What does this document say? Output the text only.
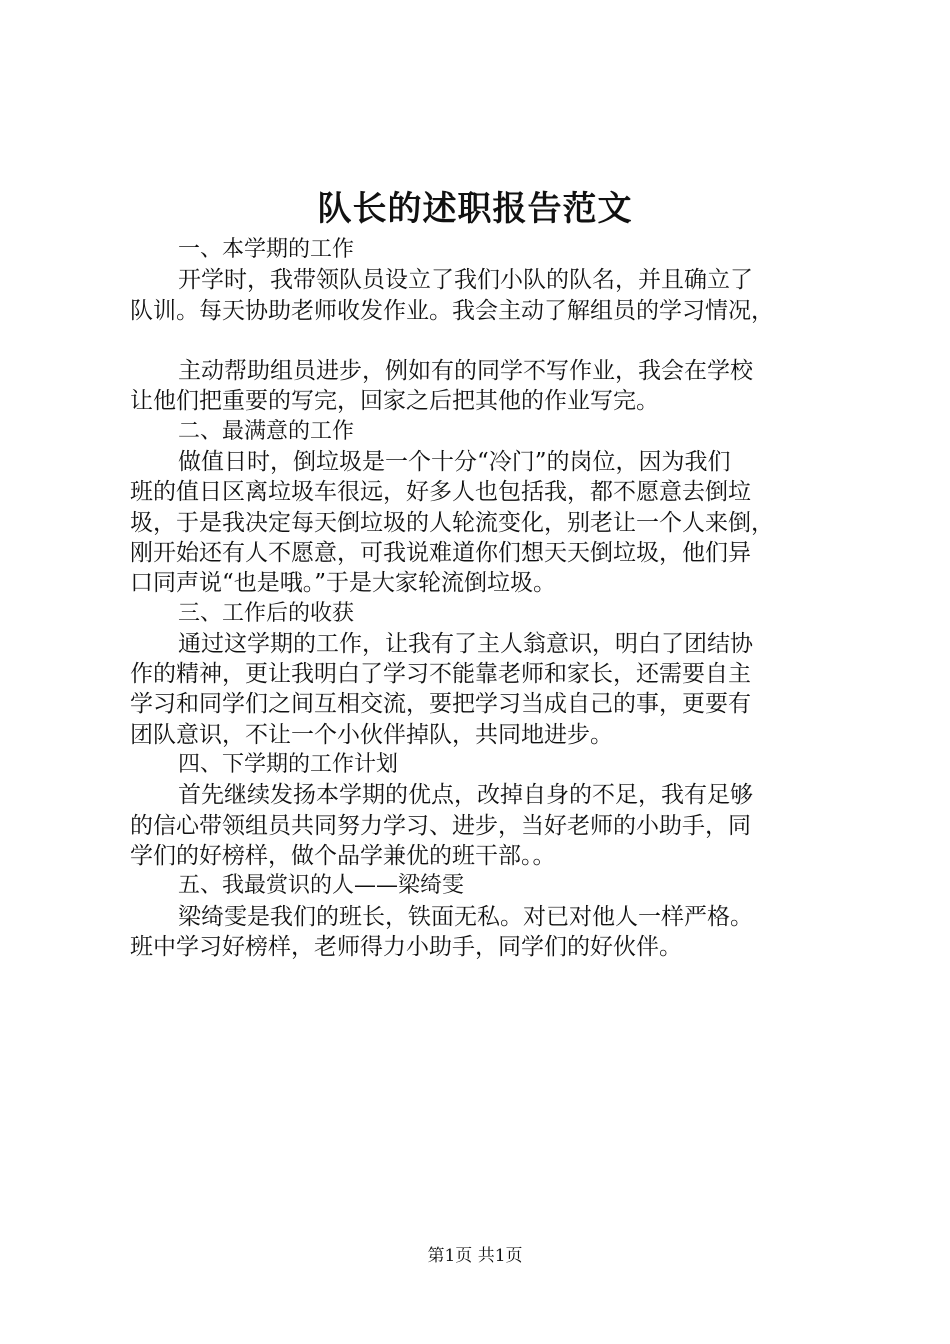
队长的述职报告范文
一、本学期的工作
开学时，我带领队员设立了我们小队的队名，并且确立了
队训。每天协助老师收发作业。我会主动了解组员的学习情况，
主动帮助组员进步，例如有的同学不写作业，我会在学校
让他们把重要的写完，回家之后把其他的作业写完。
二、最满意的工作
做值日时，倒垃圾是一个十分“冷门”的岗位，因为我们
班的值日区离垃圾车很远，好多人也包括我，都不愿意去倒垃
圾，于是我决定每天倒垃圾的人轮流变化，别老让一个人来倒，
刚开始还有人不愿意，可我说难道你们想天天倒垃圾，他们异
口同声说“也是哦。”于是大家轮流倒垃圾。
三、工作后的收获
通过这学期的工作，让我有了主人翁意识，明白了团结协
作的精神，更让我明白了学习不能靠老师和家长，还需要自主
学习和同学们之间互相交流，要把学习当成自己的事，更要有
团队意识，不让一个小伙伴掉队，共同地进步。
四、下学期的工作计划
首先继续发扬本学期的优点，改掉自身的不足，我有足够
的信心带领组员共同努力学习、进步，当好老师的小助手，同
学们的好榜样，做个品学兼优的班干部。。
五、我最赏识的人——梁绮雯
梁绮雯是我们的班长，铁面无私。对已对他人一样严格。
班中学习好榜样，老师得力小助手，同学们的好伙伴。
第1页 共1页
